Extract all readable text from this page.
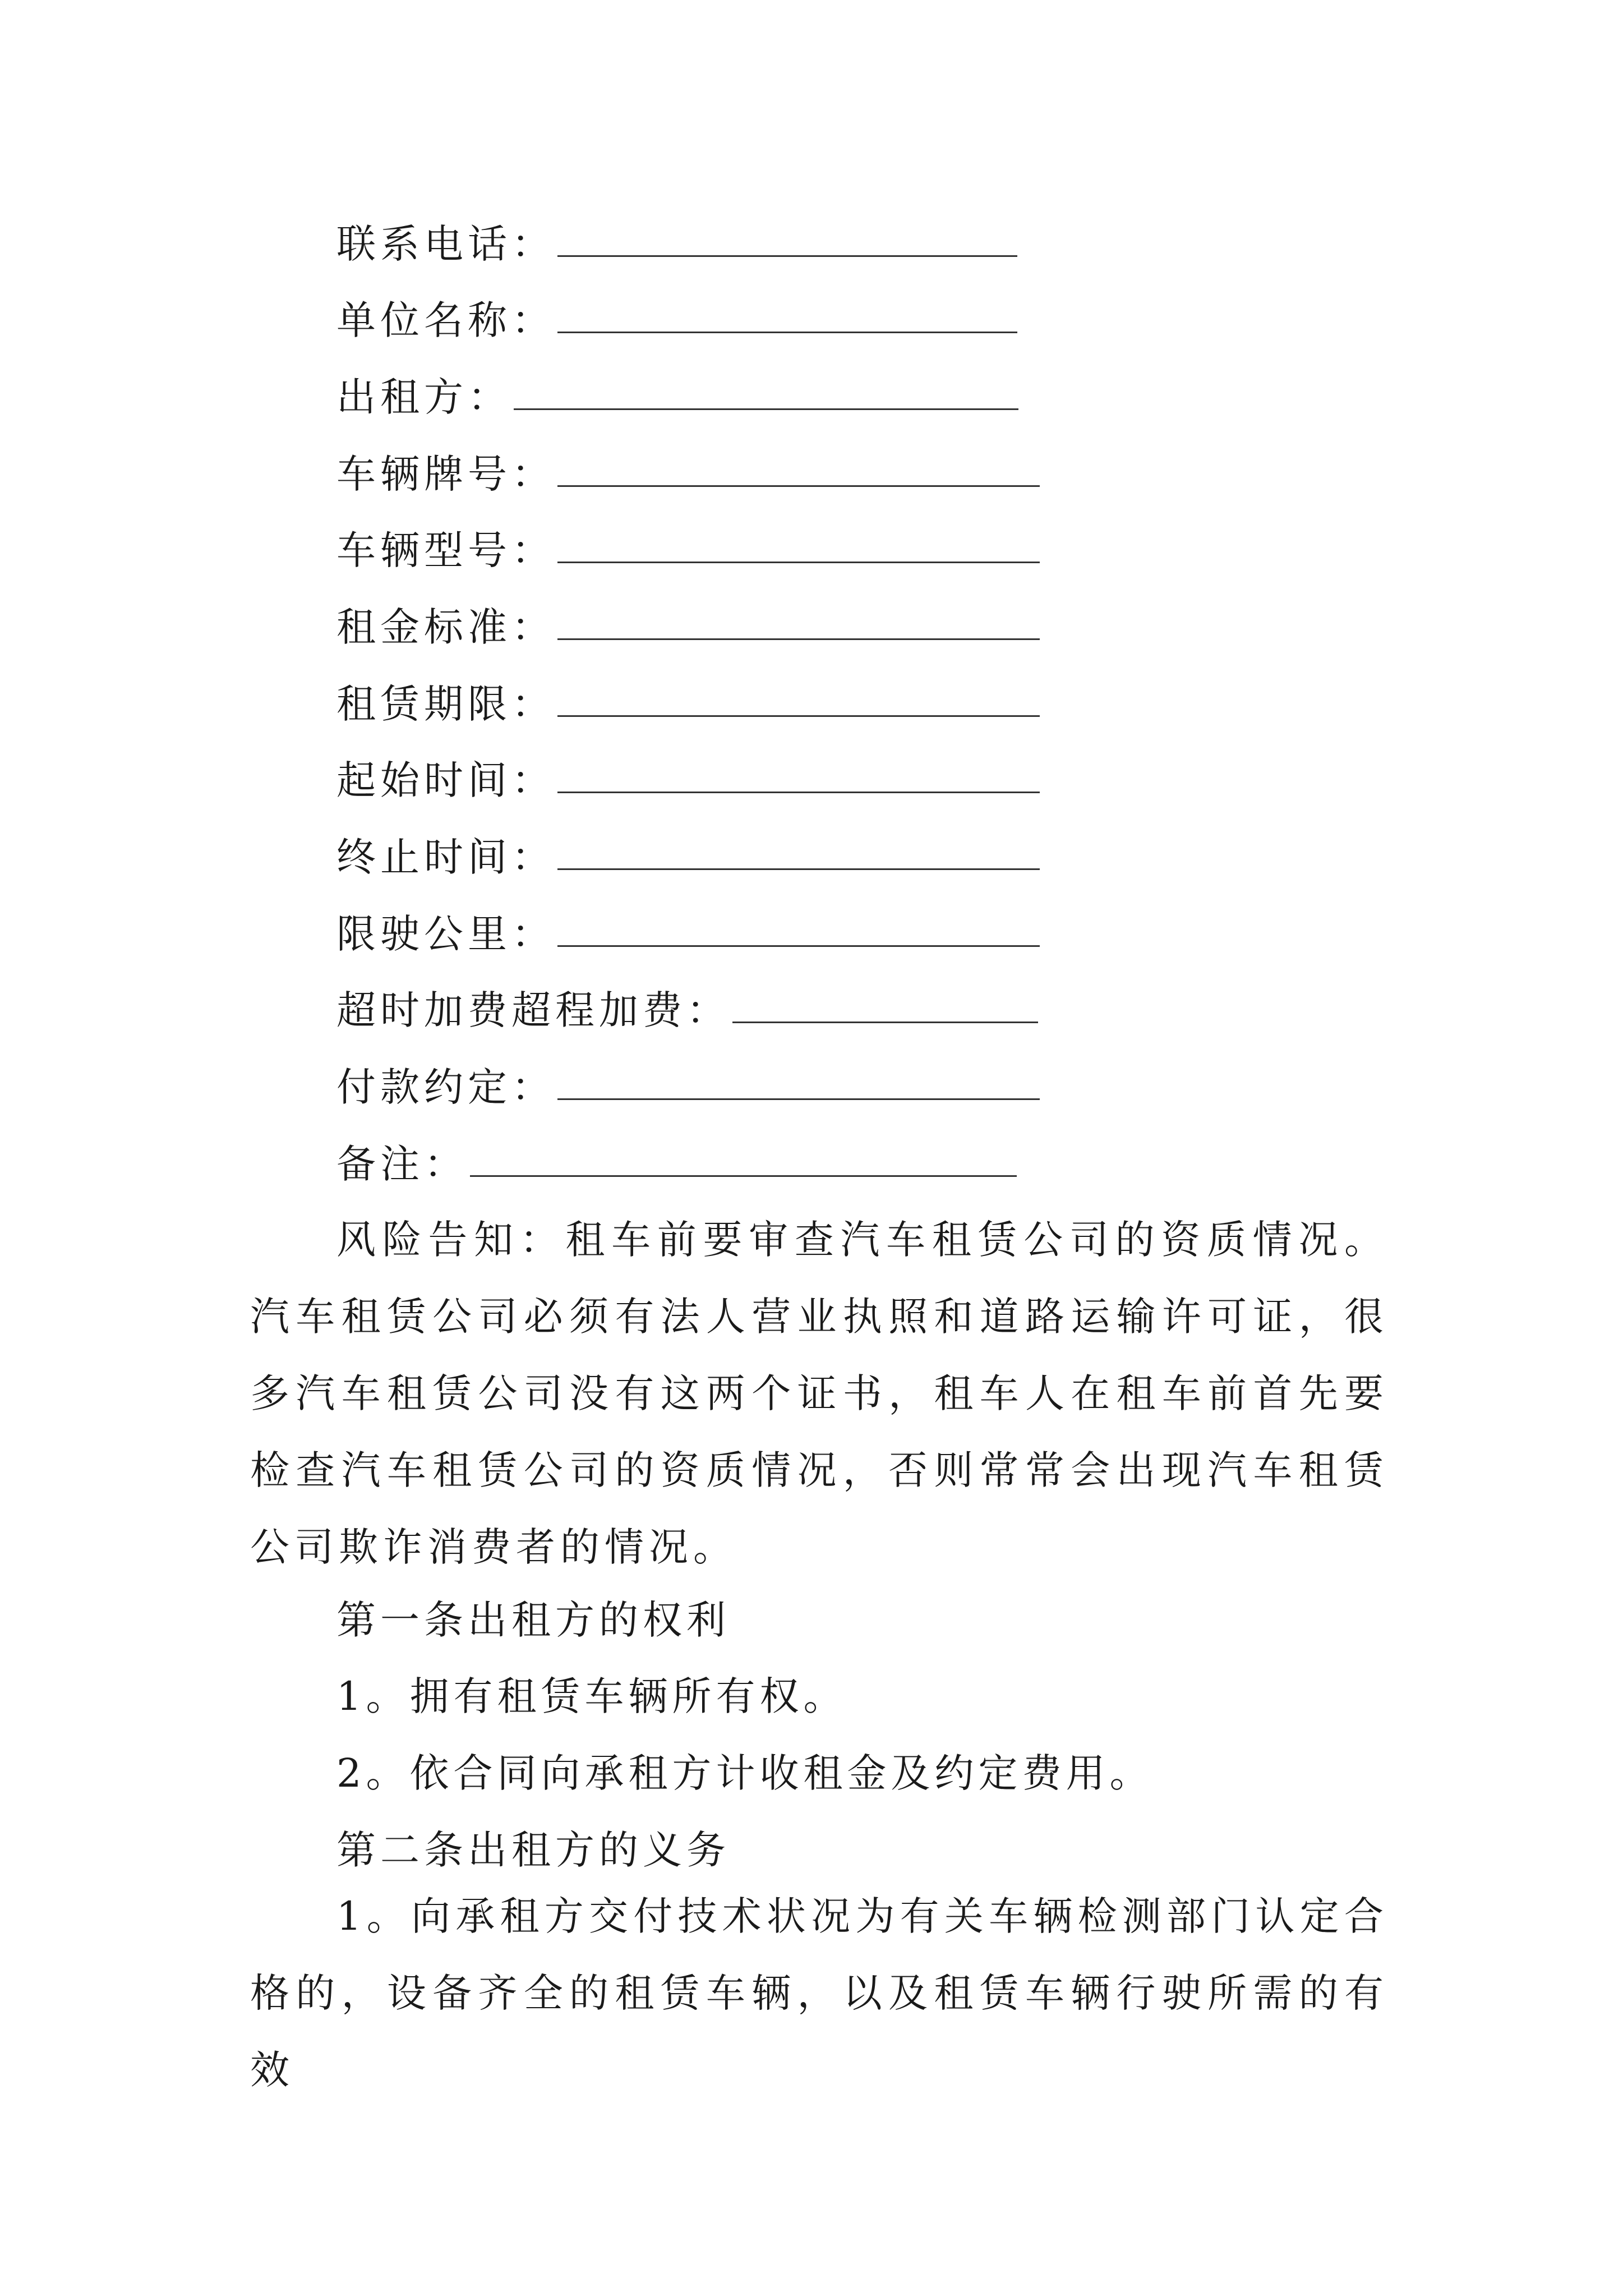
联系电话：
单位名称：
出租方：
车辆牌号：
车辆型号：
租金标准：
租赁期限：
起始时间：
终止时间：
限驶公里：
超时加费超程加费：
付款约定：
备注：

风险告知：租车前要审查汽车租赁公司的资质情况。汽车租赁公司必须有法人营业执照和道路运输许可证，很多汽车租赁公司没有这两个证书，租车人在租车前首先要检查汽车租赁公司的资质情况，否则常常会出现汽车租赁公司欺诈消费者的情况。

第一条出租方的权利

1。拥有租赁车辆所有权。

2。依合同向承租方计收租金及约定费用。

第二条出租方的义务

1。向承租方交付技术状况为有关车辆检测部门认定合格的，设备齐全的租赁车辆，以及租赁车辆行驶所需的有效
